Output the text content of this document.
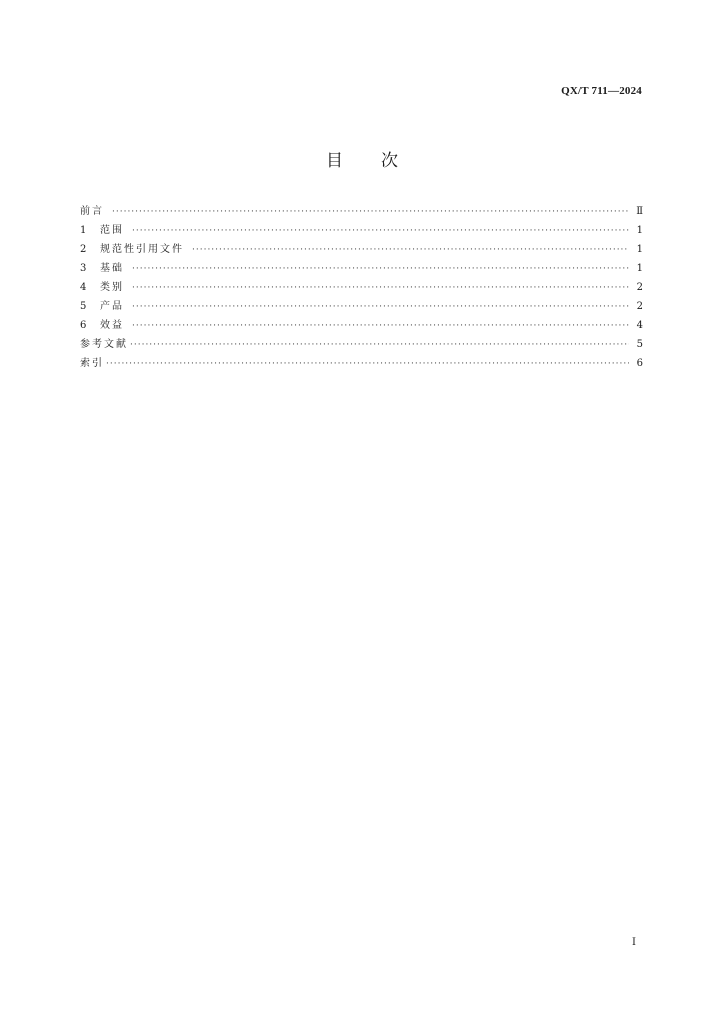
QX/T 711—2024
目 次
前言 ·····	Ⅱ
1	范围 ·····	1
2	规范性引用文件 ·····	1
3	基础 ·····	1
4	类别 ·····	2
5	产品 ·····	2
6	效益 ·····	4
参考文献 ·····	5
索引 ·····	6
Ⅰ
